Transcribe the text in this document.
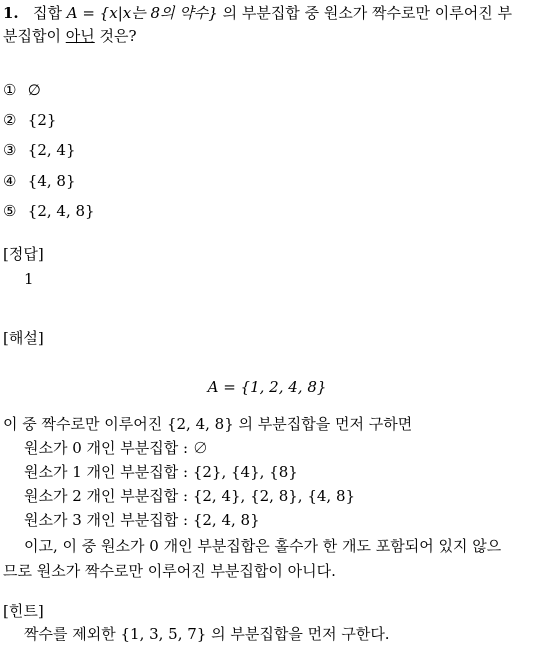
1. 집합 A = {x|x는 8의 약수} 의 부분집합 중 원소가 짝수로만 이루어진 부
분집합이 아닌 것은?
① ∅
② {2}
③ {2, 4}
④ {4, 8}
⑤ {2, 4, 8}
[정답]
1
[해설]
A = {1, 2, 4, 8}
이 중 짝수로만 이루어진 {2, 4, 8} 의 부분집합을 먼저 구하면
원소가 0 개인 부분집합 : ∅
원소가 1 개인 부분집합 : {2}, {4}, {8}
원소가 2 개인 부분집합 : {2, 4}, {2, 8}, {4, 8}
원소가 3 개인 부분집합 : {2, 4, 8}
이고, 이 중 원소가 0 개인 부분집합은 홀수가 한 개도 포함되어 있지 않으
므로 원소가 짝수로만 이루어진 부분집합이 아니다.
[힌트]
짝수를 제외한 {1, 3, 5, 7} 의 부분집합을 먼저 구한다.
